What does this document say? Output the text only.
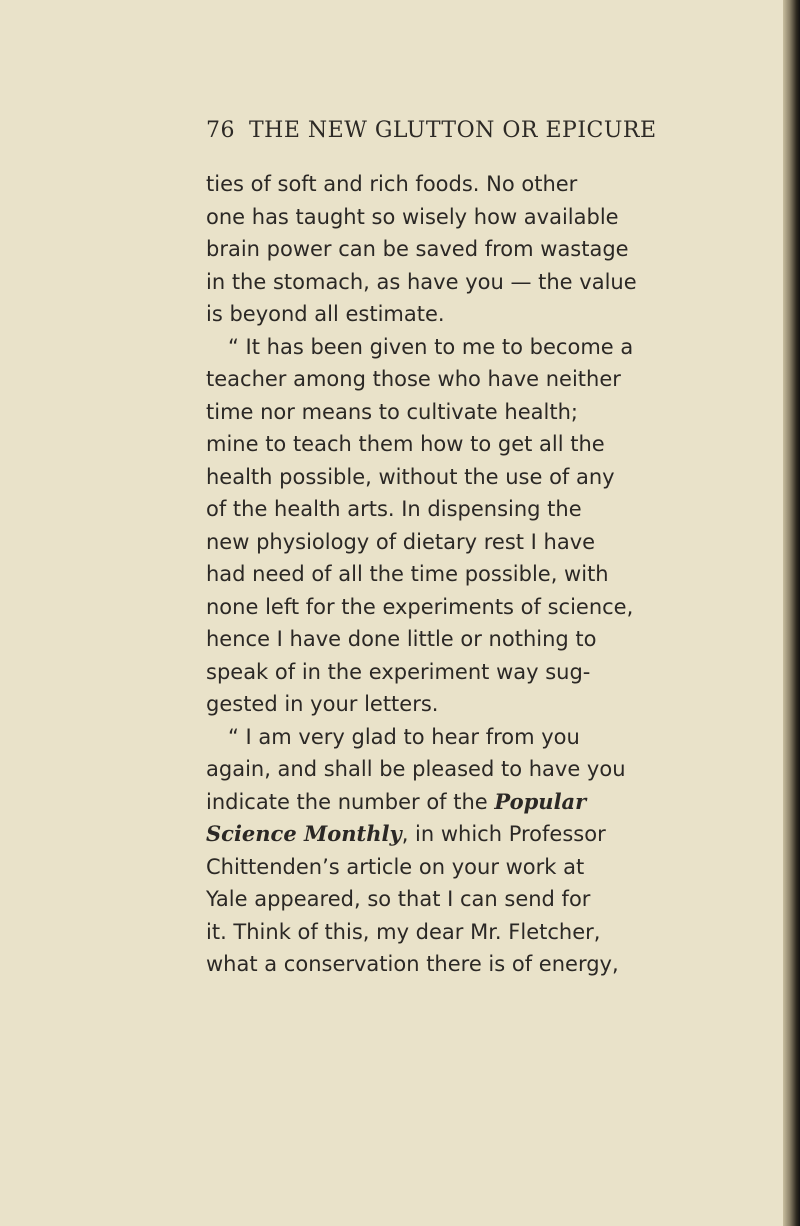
76 THE NEW GLUTTON OR EPICURE
ties of soft and rich foods. No other
one has taught so wisely how available
brain power can be saved from wastage
in the stomach, as have you — the value
is beyond all estimate.
“ It has been given to me to become a
teacher among those who have neither
time nor means to cultivate health;
mine to teach them how to get all the
health possible, without the use of any
of the health arts. In dispensing the
new physiology of dietary rest I have
had need of all the time possible, with
none left for the experiments of science,
hence I have done little or nothing to
speak of in the experiment way sug-
gested in your letters.
“ I am very glad to hear from you
again, and shall be pleased to have you
indicate the number of the Popular
Science Monthly, in which Professor
Chittenden’s article on your work at
Yale appeared, so that I can send for
it. Think of this, my dear Mr. Fletcher,
what a conservation there is of energy,
